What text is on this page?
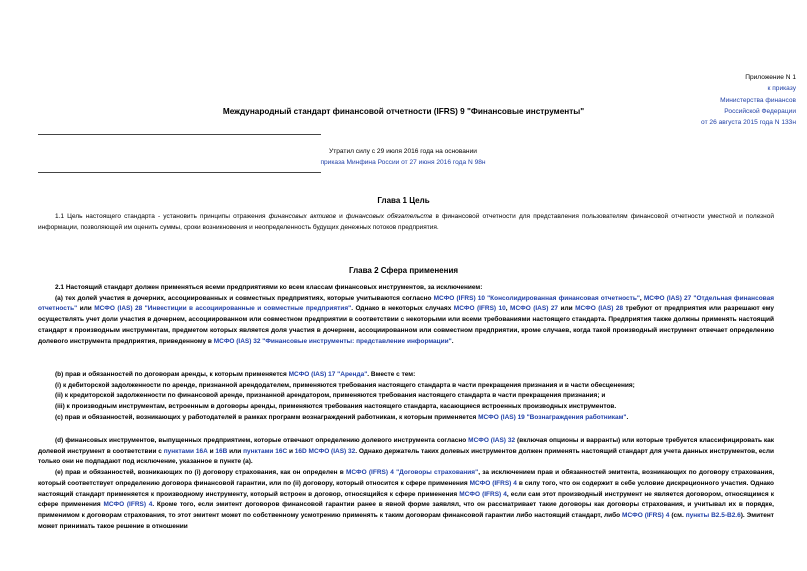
Приложение N 1
к приказу
Министерства финансов
Российской Федерации
от 26 августа 2015 года N 133н
Международный стандарт финансовой отчетности (IFRS) 9 "Финансовые инструменты"
Утратил силу с 29 июля 2016 года на основании
приказа Минфина России от 27 июня 2016 года N 98н
Глава 1 Цель

1.1 Цель настоящего стандарта - установить принципы отражения финансовых активов и финансовых обязательств в финансовой отчетности для представления пользователям финансовой отчетности уместной и полезной информации, позволяющей им оценить суммы, сроки возникновения и неопределенность будущих денежных потоков предприятия.

Глава 2 Сфера применения

2.1 Настоящий стандарт должен применяться всеми предприятиями ко всем классам финансовых инструментов, за исключением:

(а) тех долей участия в дочерних, ассоциированных и совместных предприятиях, которые учитываются согласно МСФО (IFRS) 10 "Консолидированная финансовая отчетность", МСФО (IAS) 27 "Отдельная финансовая отчетность" или МСФО (IAS) 28 "Инвестиции в ассоциированные и совместные предприятия". Однако в некоторых случаях МСФО (IFRS) 10, МСФО (IAS) 27 или МСФО (IAS) 28 требуют от предприятия или разрешают ему осуществлять учет доли участия в дочернем, ассоциированном или совместном предприятии в соответствии с некоторыми или всеми требованиями настоящего стандарта. Предприятия также должны применять настоящий стандарт к производным инструментам, предметом которых является доля участия в дочернем, ассоциированном или совместном предприятии, кроме случаев, когда такой производный инструмент отвечает определению долевого инструмента предприятия, приведенному в МСФО (IAS) 32 "Финансовые инструменты: представление информации".

(b) прав и обязанностей по договорам аренды, к которым применяется МСФО (IAS) 17 "Аренда". Вместе с тем:

(i) к дебиторской задолженности по аренде, признанной арендодателем, применяются требования настоящего стандарта в части прекращения признания и в части обесценения;

(ii) к кредиторской задолженности по финансовой аренде, признанной арендатором, применяются требования настоящего стандарта в части прекращения признания; и

(iii) к производным инструментам, встроенным в договоры аренды, применяются требования настоящего стандарта, касающиеся встроенных производных инструментов.

(c) прав и обязанностей, возникающих у работодателей в рамках программ вознаграждений работникам, к которым применяется МСФО (IAS) 19 "Вознаграждения работникам".

(d) финансовых инструментов, выпущенных предприятием, которые отвечают определению долевого инструмента согласно МСФО (IAS) 32 (включая опционы и варранты) или которые требуется классифицировать как долевой инструмент в соответствии с пунктами 16А и 16В или пунктами 16С и 16D МСФО (IAS) 32. Однако держатель таких долевых инструментов должен применять настоящий стандарт для учета данных инструментов, если только они не подпадают под исключение, указанное в пункте (a).

(e) прав и обязанностей, возникающих по (i) договору страхования, как он определен в МСФО (IFRS) 4 "Договоры страхования", за исключением прав и обязанностей эмитента, возникающих по договору страхования, который соответствует определению договора финансовой гарантии, или по (ii) договору, который относится к сфере применения МСФО (IFRS) 4 в силу того, что он содержит в себе условие дискреционного участия. Однако настоящий стандарт применяется к производному инструменту, который встроен в договор, относящийся к сфере применения МСФО (IFRS) 4, если сам этот производный инструмент не является договором, относящимся к сфере применения МСФО (IFRS) 4. Кроме того, если эмитент договоров финансовой гарантии ранее в явной форме заявлял, что он рассматривает такие договоры как договоры страхования, и учитывал их в порядке, применимом к договорам страхования, то этот эмитент может по собственному усмотрению применять к таким договорам финансовой гарантии либо настоящий стандарт, либо МСФО (IFRS) 4 (см. пункты В2.5-В2.6). Эмитент может принимать такое решение в отношении
